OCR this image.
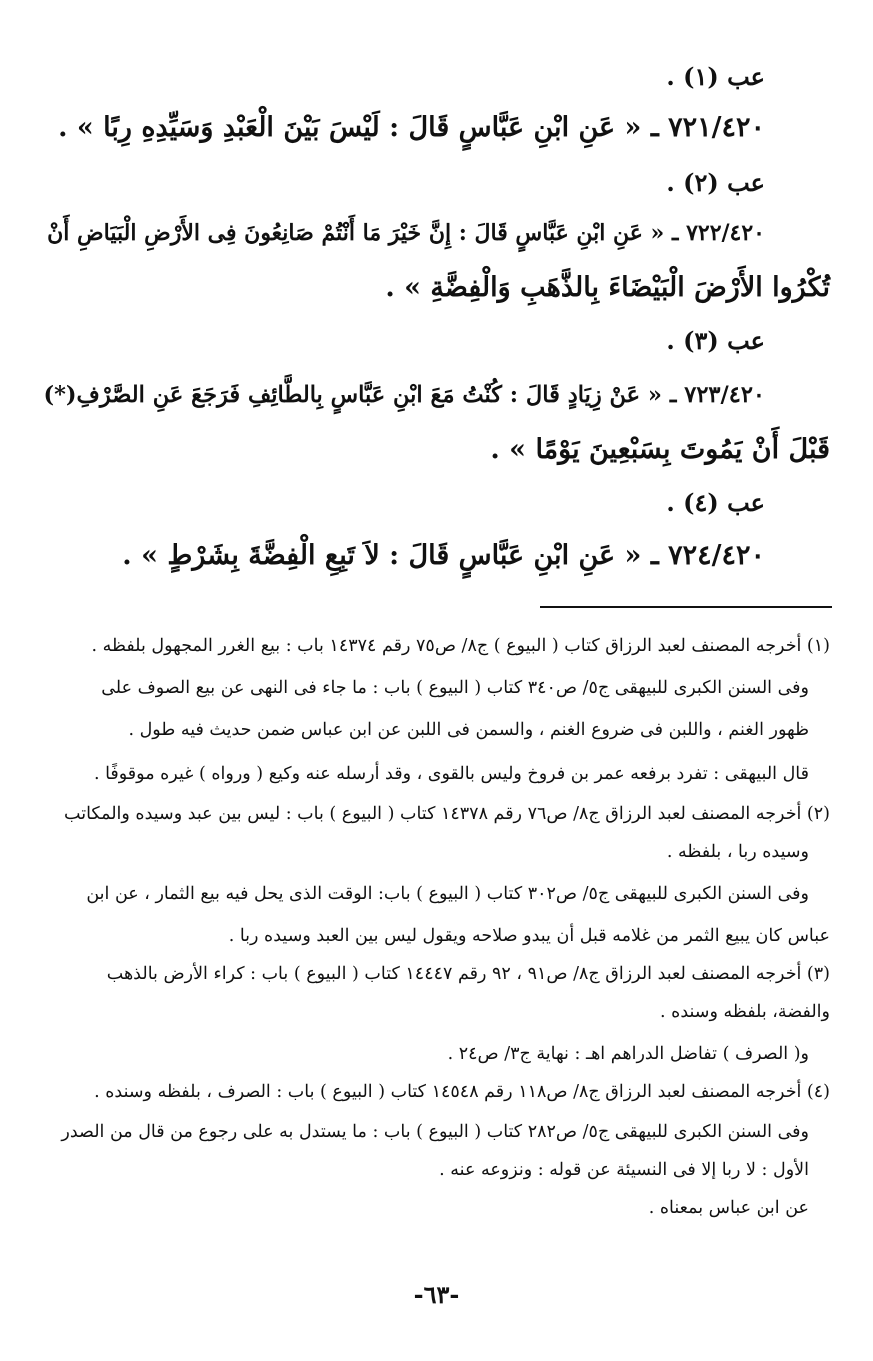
عب (١) .
٧٢١/٤٢٠ ـ « عَنِ ابْنِ عَبَّاسٍ قَالَ : لَيْسَ بَيْنَ الْعَبْدِ وَسَيِّدِهِ رِبًا » .
عب (٢) .
٧٢٢/٤٢٠ ـ « عَنِ ابْنِ عَبَّاسٍ قَالَ : إِنَّ خَيْرَ مَا أَنْتُمْ صَانِعُونَ فِى الأَرْضِ الْبَيَاضِ أَنْ
تُكْرُوا الأَرْضَ الْبَيْضَاءَ بِالذَّهَبِ وَالْفِضَّةِ » .
عب (٣) .
٧٢٣/٤٢٠ ـ « عَنْ زِيَادٍ قَالَ : كُنْتُ مَعَ ابْنِ عَبَّاسٍ بِالطَّائِفِ فَرَجَعَ عَنِ الصَّرْفِ(*)
قَبْلَ أَنْ يَمُوتَ بِسَبْعِينَ يَوْمًا » .
عب (٤) .
٧٢٤/٤٢٠ ـ « عَنِ ابْنِ عَبَّاسٍ قَالَ : لاَ تَبِعِ الْفِضَّةَ بِشَرْطٍ » .
(١) أخرجه المصنف لعبد الرزاق كتاب ( البيوع ) ج٨/ ص٧٥ رقم ١٤٣٧٤ باب : بيع الغرر المجهول بلفظه .
وفى السنن الكبرى للبيهقى ج٥/ ص٣٤٠ كتاب ( البيوع ) باب : ما جاء فى النهى عن بيع الصوف على
ظهور الغنم ، واللبن فى ضروع الغنم ، والسمن فى اللبن عن ابن عباس ضمن حديث فيه طول .
قال البيهقى : تفرد برفعه عمر بن فروخ وليس بالقوى ، وقد أرسله عنه وكيع ( ورواه ) غيره موقوفًا .
(٢) أخرجه المصنف لعبد الرزاق ج٨/ ص٧٦ رقم ١٤٣٧٨ كتاب ( البيوع ) باب : ليس بين عبد وسيده والمكاتب
وسيده ربا ، بلفظه .
وفى السنن الكبرى للبيهقى ج٥/ ص٣٠٢ كتاب ( البيوع ) باب: الوقت الذى يحل فيه بيع الثمار ، عن ابن
عباس كان يبيع الثمر من غلامه قبل أن يبدو صلاحه ويقول ليس بين العبد وسيده ربا .
(٣) أخرجه المصنف لعبد الرزاق ج٨/ ص٩١ ، ٩٢ رقم ١٤٤٤٧ كتاب ( البيوع ) باب : كراء الأرض بالذهب
والفضة، بلفظه وسنده .
و( الصرف ) تفاضل الدراهم اهـ : نهاية ج٣/ ص٢٤ .
(٤) أخرجه المصنف لعبد الرزاق ج٨/ ص١١٨ رقم ١٤٥٤٨ كتاب ( البيوع ) باب : الصرف ، بلفظه وسنده .
وفى السنن الكبرى للبيهقى ج٥/ ص٢٨٢ كتاب ( البيوع ) باب : ما يستدل به على رجوع من قال من الصدر
الأول : لا ربا إلا فى النسيئة عن قوله : ونزوعه عنه .
عن ابن عباس بمعناه .
-٦٣-
